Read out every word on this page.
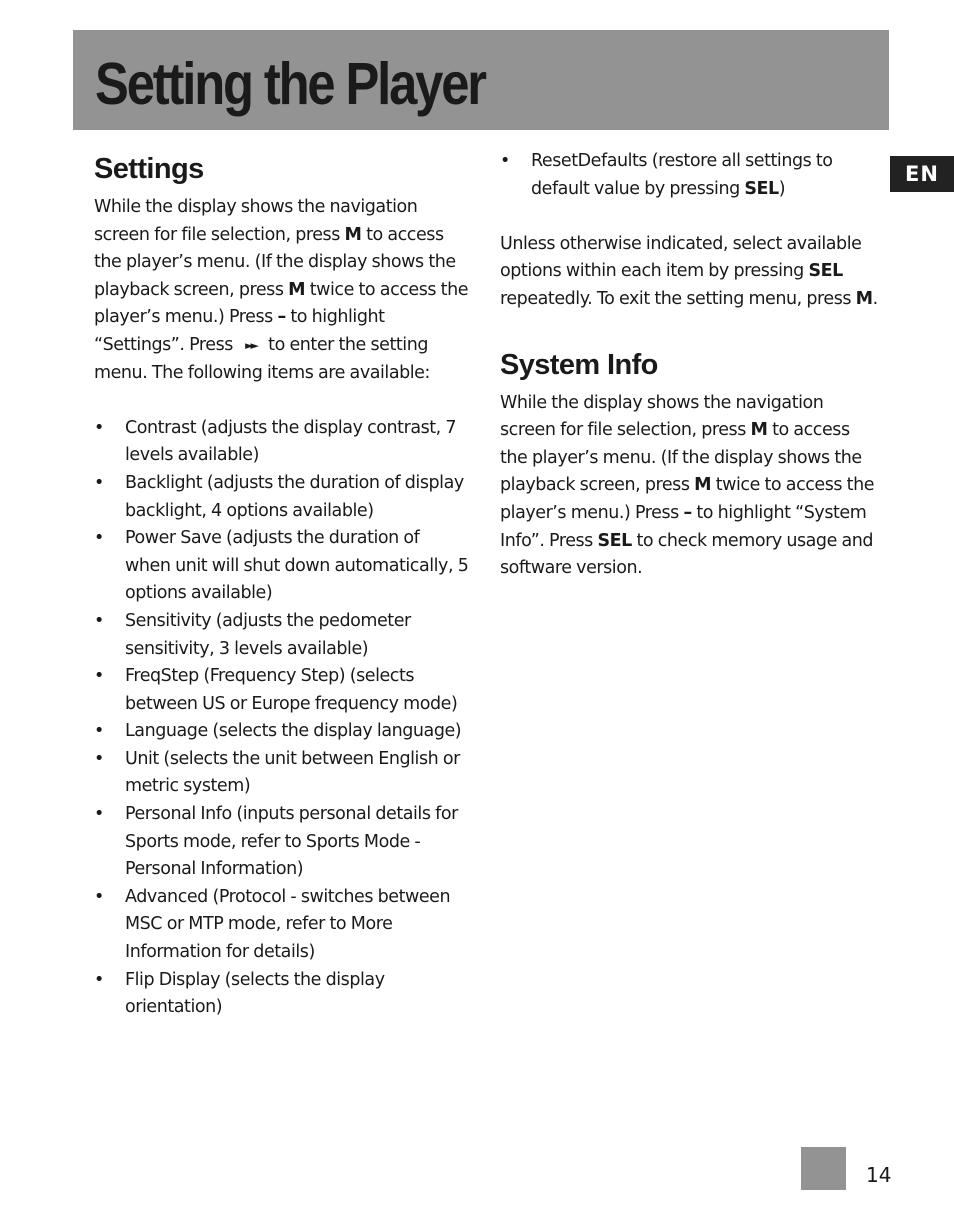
Setting the Player
EN
Settings

While the display shows the navigation screen for file selection, press M to access the player’s menu. (If the display shows the playback screen, press M twice to access the player’s menu.) Press – to highlight “Settings”. Press ►► to enter the setting menu. The following items are available:

• Contrast (adjusts the display contrast, 7 levels available)
• Backlight (adjusts the duration of display backlight, 4 options available)
• Power Save (adjusts the duration of when unit will shut down automatically, 5 options available)
• Sensitivity (adjusts the pedometer sensitivity, 3 levels available)
• FreqStep (Frequency Step) (selects between US or Europe frequency mode)
• Language (selects the display language)
• Unit (selects the unit between English or metric system)
• Personal Info (inputs personal details for Sports mode, refer to Sports Mode - Personal Information)
• Advanced (Protocol - switches between MSC or MTP mode, refer to More Information for details)
• Flip Display (selects the display orientation)
• ResetDefaults (restore all settings to default value by pressing SEL)

Unless otherwise indicated, select available options within each item by pressing SEL repeatedly. To exit the setting menu, press M.

System Info

While the display shows the navigation screen for file selection, press M to access the player’s menu. (If the display shows the playback screen, press M twice to access the player’s menu.) Press – to highlight “System Info”. Press SEL to check memory usage and software version.

14
